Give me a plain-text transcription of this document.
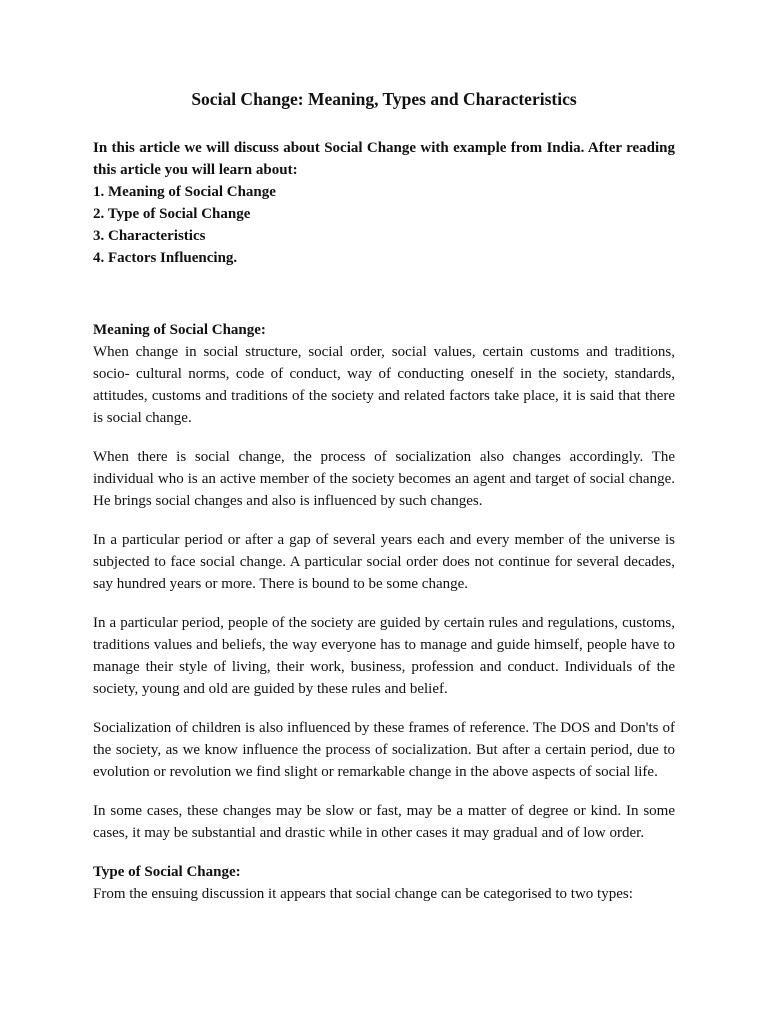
Social Change: Meaning, Types and Characteristics

In this article we will discuss about Social Change with example from India. After reading this article you will learn about:

1. Meaning of Social Change
2. Type of Social Change
3. Characteristics
4. Factors Influencing.
Meaning of Social Change:

When change in social structure, social order, social values, certain customs and traditions, socio- cultural norms, code of conduct, way of conducting oneself in the society, standards, attitudes, customs and traditions of the society and related factors take place, it is said that there is social change.

When there is social change, the process of socialization also changes accordingly. The individual who is an active member of the society becomes an agent and target of social change. He brings social changes and also is influenced by such changes.

In a particular period or after a gap of several years each and every member of the universe is subjected to face social change. A particular social order does not continue for several decades, say hundred years or more. There is bound to be some change.

In a particular period, people of the society are guided by certain rules and regulations, customs, traditions values and beliefs, the way everyone has to manage and guide himself, people have to manage their style of living, their work, business, profession and conduct. Individuals of the society, young and old are guided by these rules and belief.

Socialization of children is also influenced by these frames of reference. The DOS and Don'ts of the society, as we know influence the process of socialization. But after a certain period, due to evolution or revolution we find slight or remarkable change in the above aspects of social life.

In some cases, these changes may be slow or fast, may be a matter of degree or kind. In some cases, it may be substantial and drastic while in other cases it may gradual and of low order.

Type of Social Change:

From the ensuing discussion it appears that social change can be categorised to two types:
